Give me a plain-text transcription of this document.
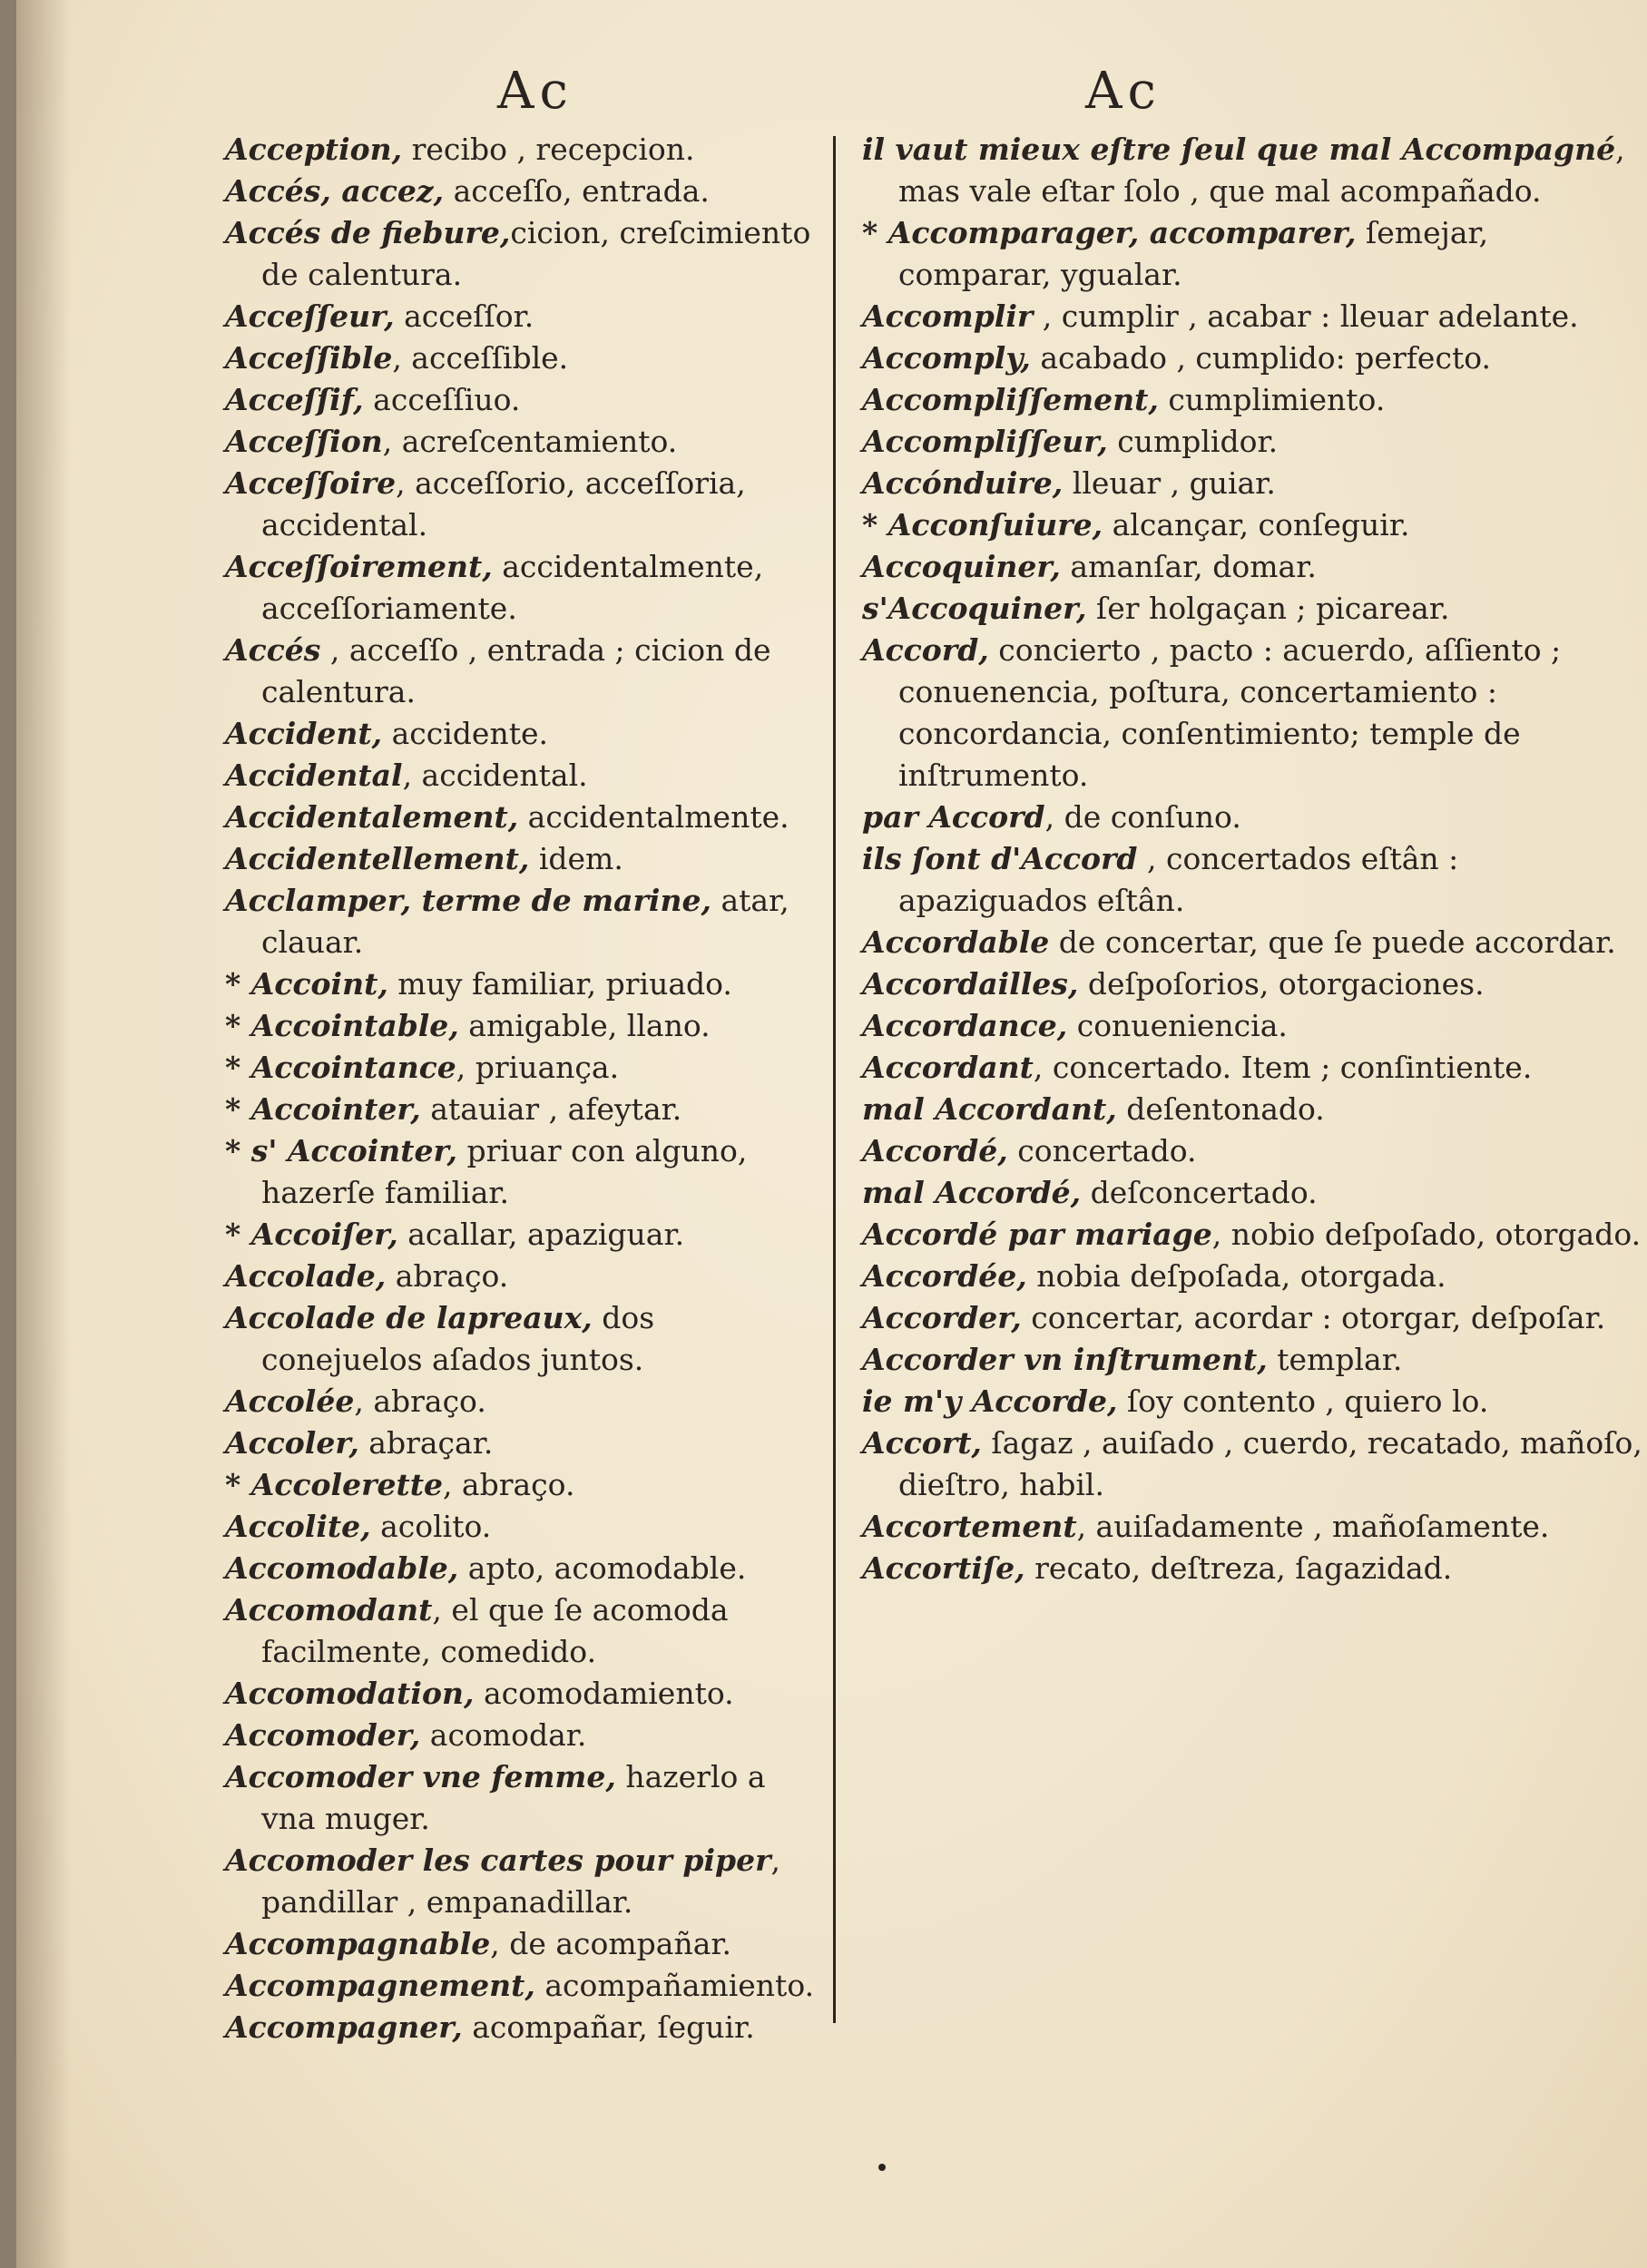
Ac
Acception, recibo , recepcion.
Accés, accez, acceſſo, entrada.
Accés de fiebure,cicion, creſcimiento de calentura.
Acceſſeur, acceſſor.
Acceſſible, acceſſible.
Acceſſif, acceſſiuo.
Acceſſion, acreſcentamiento.
Acceſſoire, acceſſorio, acceſſoria, accidental.
Acceſſoirement, accidentalmente, acceſſoriamente.
Accés , acceſſo , entrada ; cicion de calentura.
Accident, accidente.
Accidental, accidental.
Accidentalement, accidentalmente.
Accidentellement, idem.
Acclamper, terme de marine, atar, clauar.
* Accoint, muy familiar, priuado.
* Accointable, amigable, llano.
* Accointance, priuança.
* Accointer, atauiar , afeytar.
* s' Accointer, priuar con alguno, hazerſe familiar.
* Accoiſer, acallar, apaziguar.
Accolade, abraço.
Accolade de lapreaux, dos conejuelos aſados juntos.
Accolée, abraço.
Accoler, abraçar.
* Accolerette, abraço.
Accolite, acolito.
Accomodable, apto, acomodable.
Accomodant, el que ſe acomoda facilmente, comedido.
Accomodation, acomodamiento.
Accomoder, acomodar.
Accomoder vne femme, hazerlo a vna muger.
Accomoder les cartes pour piper, pandillar , empanadillar.
Accompagnable, de acompañar.
Accompagnement, acompañamiento.
Accompagner, acompañar, ſeguir.
Ac
il vaut mieux eſtre ſeul que mal Accompagné, mas vale eſtar ſolo , que mal acompañado.
* Accomparager, accomparer, ſemejar, comparar, ygualar.
Accomplir , cumplir , acabar : lleuar adelante.
Accomply, acabado , cumplido: perfecto.
Accompliſſement, cumplimiento.
Accompliſſeur, cumplidor.
Accónduire, lleuar , guiar.
* Acconſuiure, alcançar, conſeguir.
Accoquiner, amanſar, domar.
s'Accoquiner, ſer holgaçan ; picarear.
Accord, concierto , pacto : acuerdo, aſſiento ; conuenencia, poſtura, concertamiento : concordancia, conſentimiento; temple de inſtrumento.
par Accord, de conſuno.
ils ſont d'Accord , concertados eſtân : apaziguados eſtân.
Accordable de concertar, que ſe puede accordar.
Accordailles, deſpoſorios, otorgaciones.
Accordance, conueniencia.
Accordant, concertado. Item ; conſintiente.
mal Accordant, deſentonado.
Accordé, concertado.
mal Accordé, deſconcertado.
Accordé par mariage, nobio deſpoſado, otorgado.
Accordée, nobia deſpoſada, otorgada.
Accorder, concertar, acordar : otorgar, deſpoſar.
Accorder vn inſtrument, templar.
ie m'y Accorde, ſoy contento , quiero lo.
Accort, ſagaz , auiſado , cuerdo, recatado, mañoſo, dieſtro, habil.
Accortement, auiſadamente , mañoſamente.
Accortiſe, recato, deſtreza, ſagazidad.
